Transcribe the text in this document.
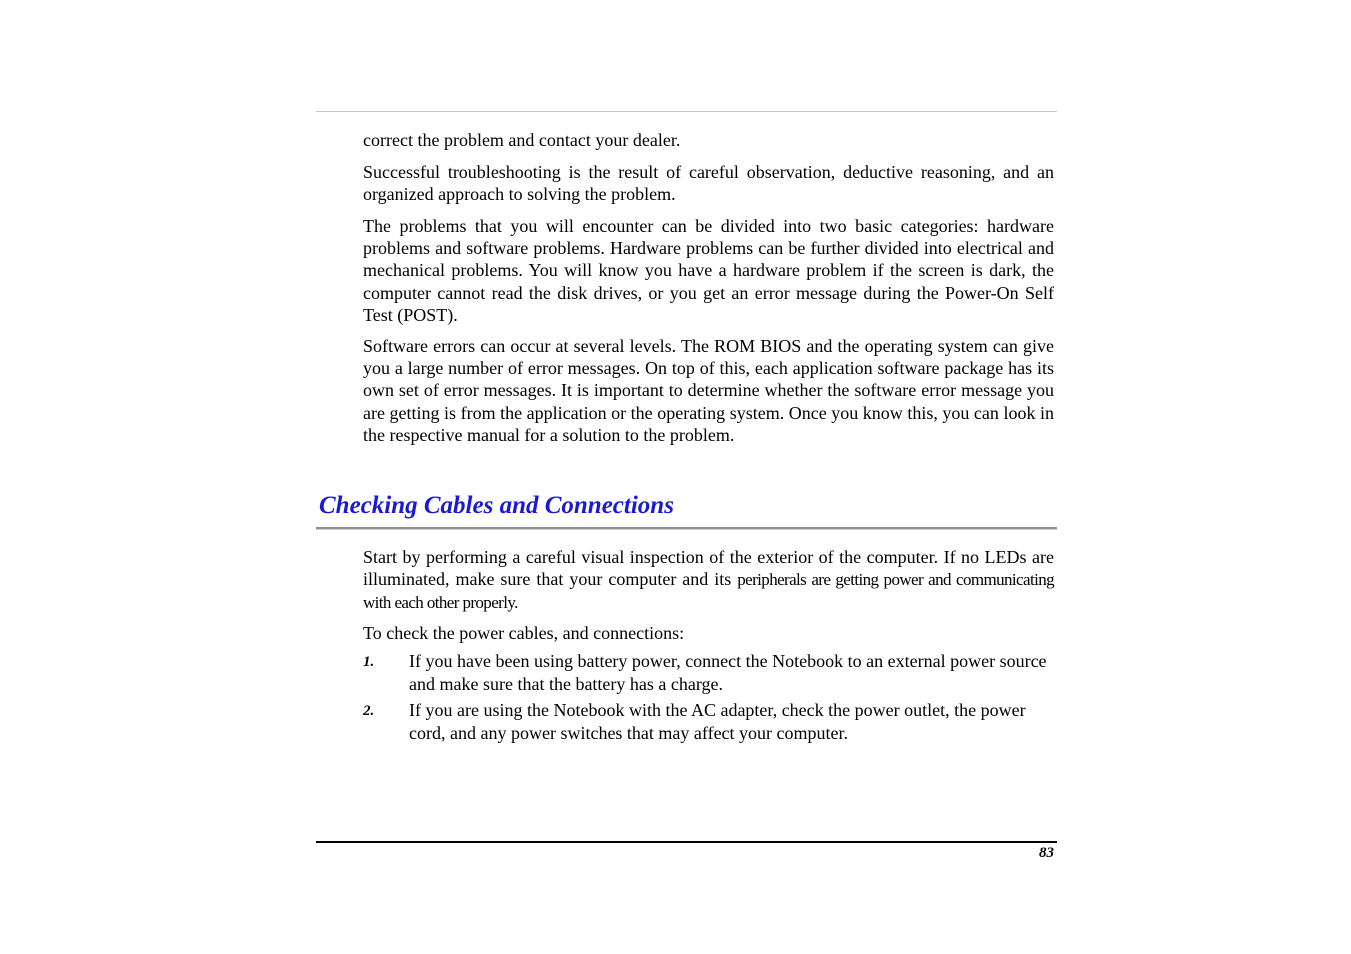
correct the problem and contact your dealer.

Successful troubleshooting is the result of careful observation, deductive reasoning, and an organized approach to solving the problem.

The problems that you will encounter can be divided into two basic categories: hardware problems and software problems. Hardware problems can be further divided into electrical and mechanical problems. You will know you have a hardware problem if the screen is dark, the computer cannot read the disk drives, or you get an error message during the Power-On Self Test (POST).

Software errors can occur at several levels. The ROM BIOS and the operating system can give you a large number of error messages. On top of this, each application software package has its own set of error messages. It is important to determine whether the software error message you are getting is from the application or the operating system. Once you know this, you can look in the respective manual for a solution to the problem.

Checking Cables and Connections

Start by performing a careful visual inspection of the exterior of the computer. If no LEDs are illuminated, make sure that your computer and its peripherals are getting power and communicating with each other properly.

To check the power cables, and connections:

1. If you have been using battery power, connect the Notebook to an external power source and make sure that the battery has a charge.
2. If you are using the Notebook with the AC adapter, check the power outlet, the power cord, and any power switches that may affect your computer.
83
